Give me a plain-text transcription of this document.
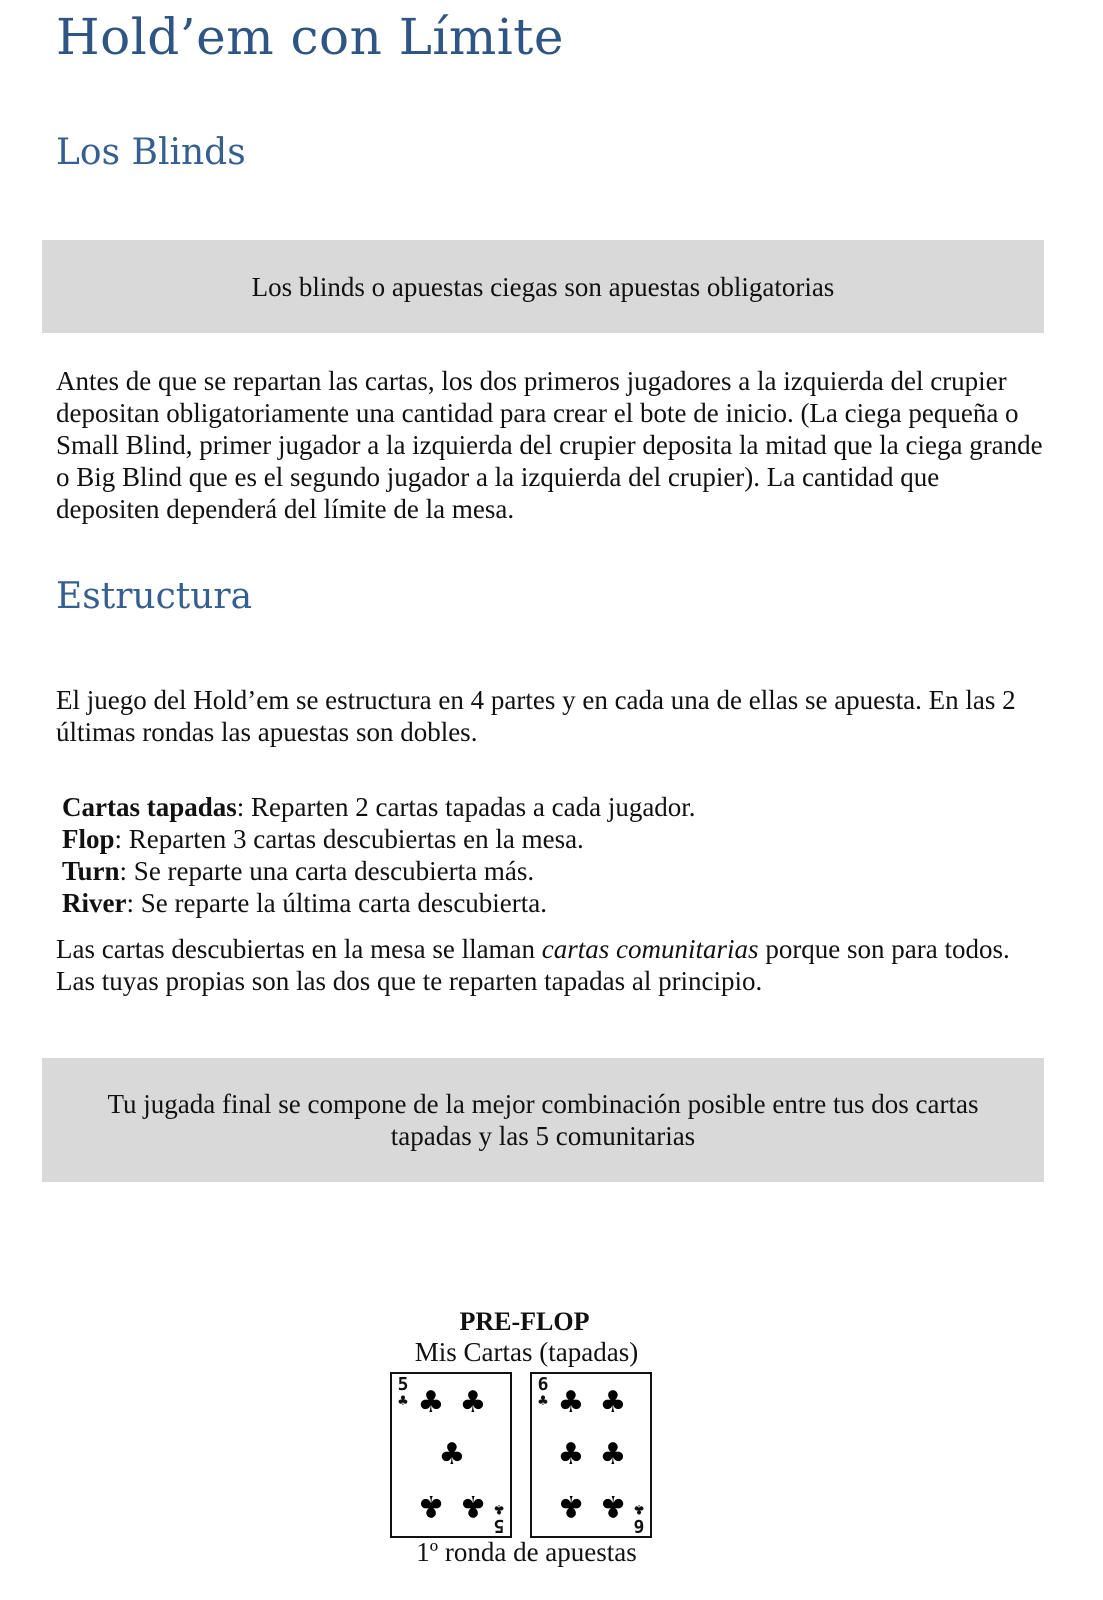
Hold’em con Límite
Los Blinds
Los blinds o apuestas ciegas son apuestas obligatorias

Antes de que se repartan las cartas, los dos primeros jugadores a la izquierda del crupier depositan obligatoriamente una cantidad para crear el bote de inicio. (La ciega pequeña o Small Blind, primer jugador a la izquierda del crupier deposita la mitad que la ciega grande o Big Blind que es el segundo jugador a la izquierda del crupier). La cantidad que depositen dependerá del límite de la mesa.

Estructura

El juego del Hold’em se estructura en 4 partes y en cada una de ellas se apuesta. En las 2 últimas rondas las apuestas son dobles.

Cartas tapadas: Reparten 2 cartas tapadas a cada jugador.
Flop: Reparten 3 cartas descubiertas en la mesa.
Turn: Se reparte una carta descubierta más.
River: Se reparte la última carta descubierta.

Las cartas descubiertas en la mesa se llaman cartas comunitarias porque son para todos. Las tuyas propias son las dos que te reparten tapadas al principio.

Tu jugada final se compone de la mejor combinación posible entre tus dos cartas tapadas y las 5 comunitarias
PRE-FLOP
Mis Cartas (tapadas)
5
♣ ♣ ♣
♣
♣ ♣
5
♣
6
♣ ♣ ♣
♣ ♣
♣ ♣
6
♣
1º ronda de apuestas
